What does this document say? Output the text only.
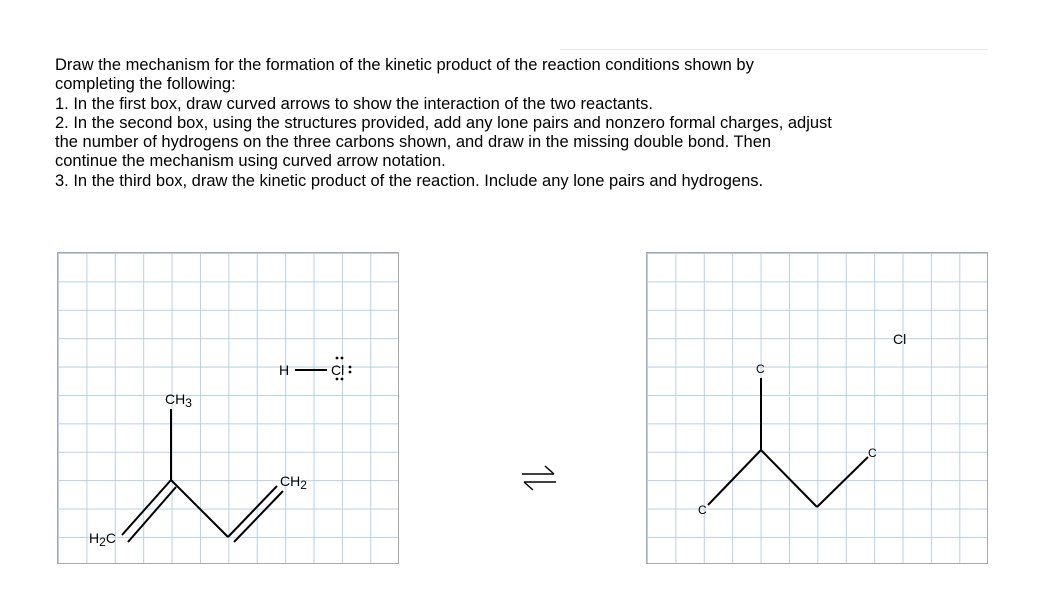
Draw the mechanism for the formation of the kinetic product of the reaction conditions shown by
completing the following:
1. In the first box, draw curved arrows to show the interaction of the two reactants.
2. In the second box, using the structures provided, add any lone pairs and nonzero formal charges, adjust
the number of hydrogens on the three carbons shown, and draw in the missing double bond. Then
continue the mechanism using curved arrow notation.
3. In the third box, draw the kinetic product of the reaction. Include any lone pairs and hydrogens.
CH3
H2C
CH2
H	Cl	C
C
C
Cl
